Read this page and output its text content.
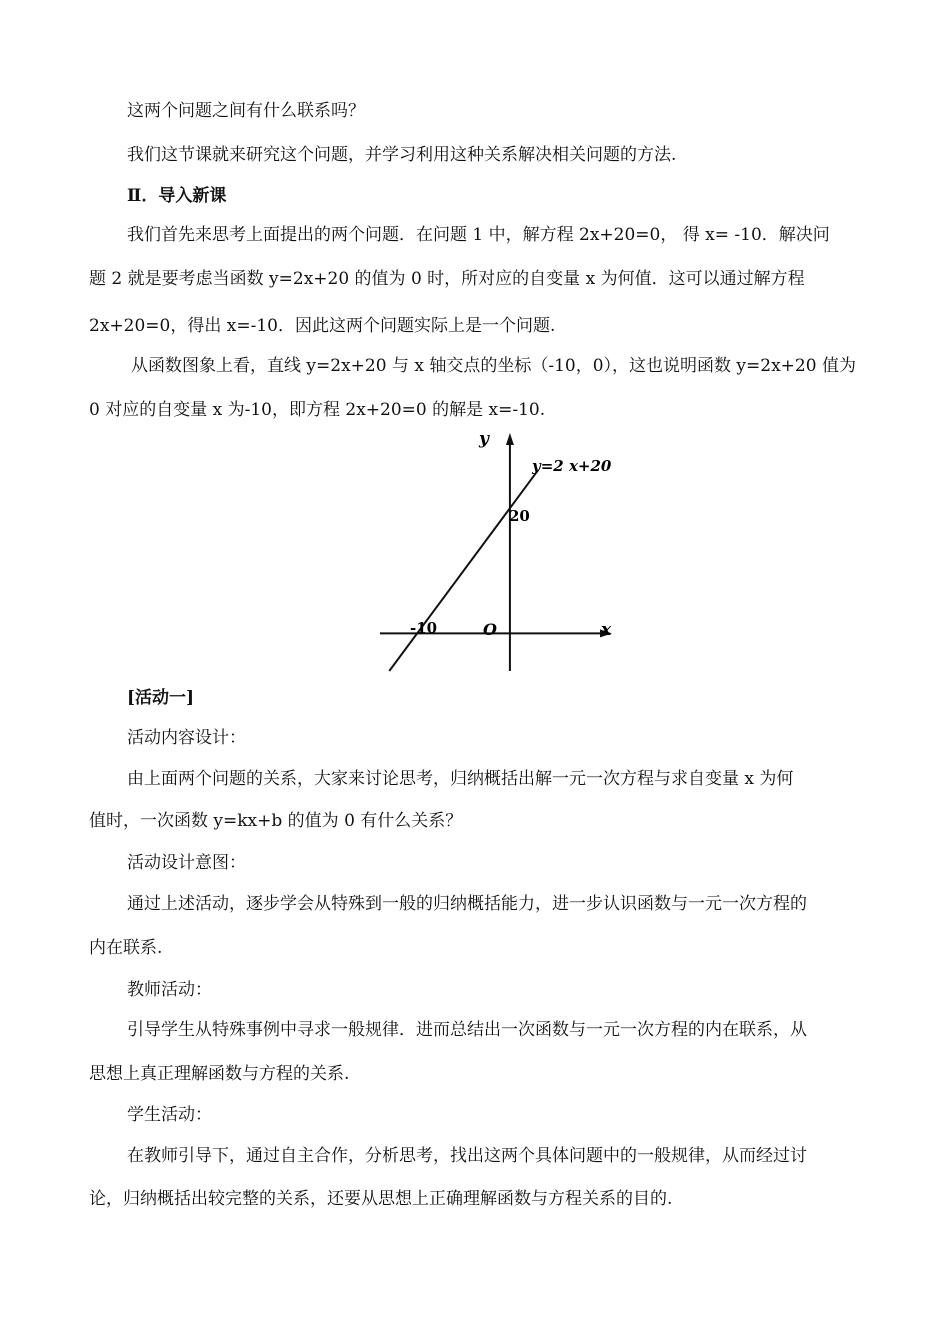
这两个问题之间有什么联系吗？
我们这节课就来研究这个问题，并学习利用这种关系解决相关问题的方法.
Ⅱ．导入新课
我们首先来思考上面提出的两个问题．在问题 1 中，解方程 2x+20=0， 得 x= -10．解决问
题 2 就是要考虑当函数 y=2x+20 的值为 0 时，所对应的自变量 x 为何值．这可以通过解方程
2x+20=0，得出 x=-10．因此这两个问题实际上是一个问题.
从函数图象上看，直线 y=2x+20 与 x 轴交点的坐标（-10，0），这也说明函数 y=2x+20 值为
0 对应的自变量 x 为-10，即方程 2x+20=0 的解是 x=-10.
y
x
y=2 x+20
20
-10	O
[活动一]
活动内容设计：
由上面两个问题的关系，大家来讨论思考，归纳概括出解一元一次方程与求自变量 x 为何
值时，一次函数 y=kx+b 的值为 0 有什么关系？
活动设计意图：
通过上述活动，逐步学会从特殊到一般的归纳概括能力，进一步认识函数与一元一次方程的
内在联系.
教师活动：
引导学生从特殊事例中寻求一般规律．进而总结出一次函数与一元一次方程的内在联系，从
思想上真正理解函数与方程的关系.
学生活动：
在教师引导下，通过自主合作，分析思考，找出这两个具体问题中的一般规律，从而经过讨
论，归纳概括出较完整的关系，还要从思想上正确理解函数与方程关系的目的.
